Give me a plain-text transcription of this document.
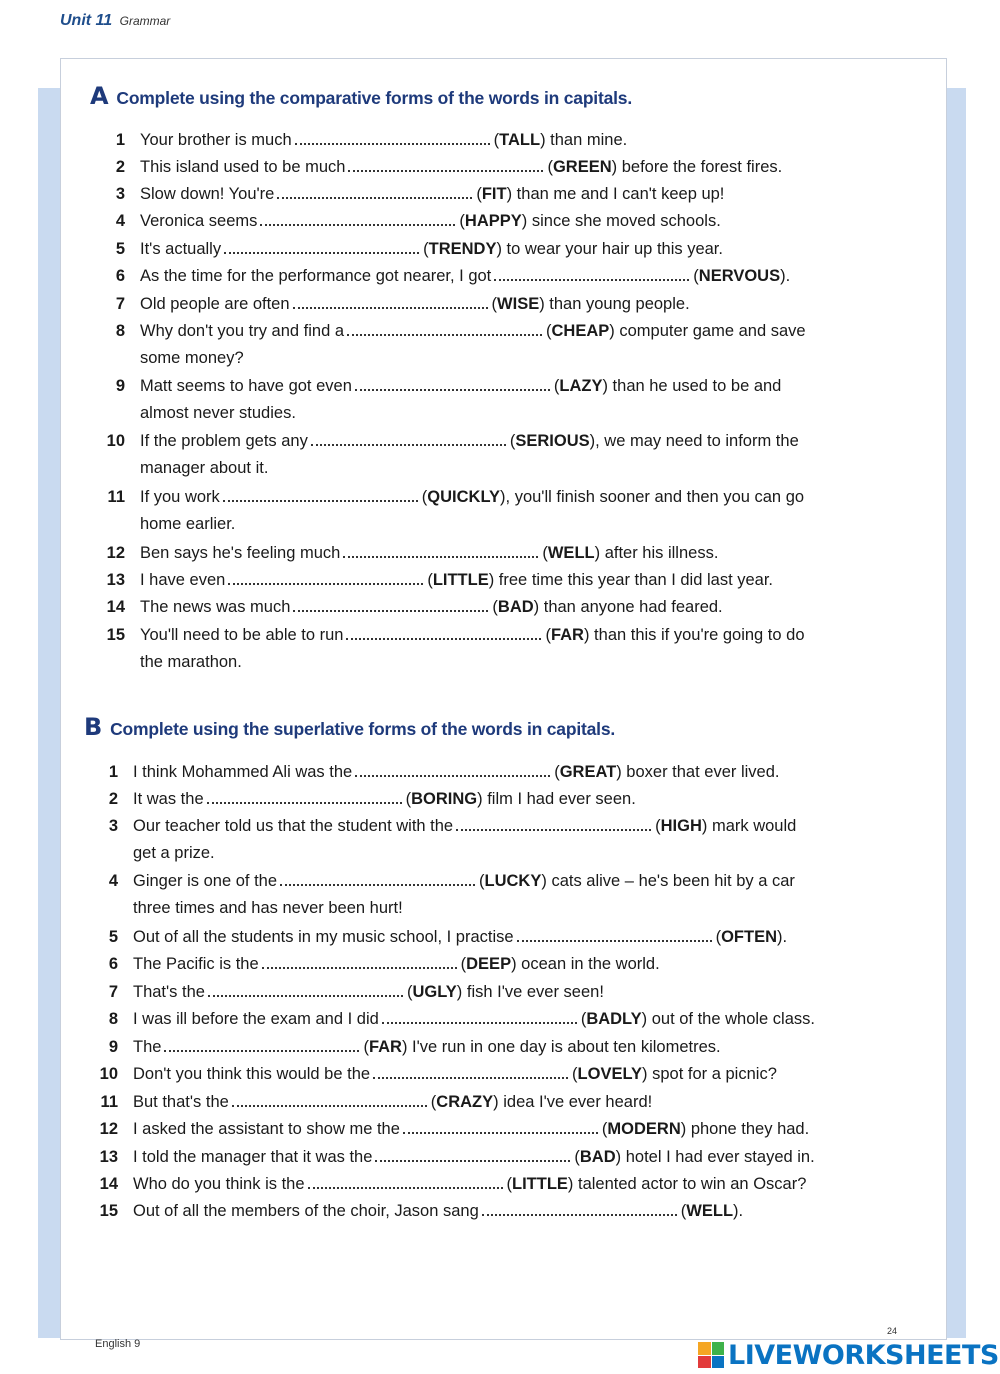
Unit 11 Grammar
A Complete using the comparative forms of the words in capitals.
1 Your brother is much	(TALL) than mine.
2 This island used to be much	(GREEN) before the forest fires.
3 Slow down! You're	(FIT) than me and I can't keep up!
4 Veronica seems	(HAPPY) since she moved schools.
5 It's actually	(TRENDY) to wear your hair up this year.
6 As the time for the performance got nearer, I got	(NERVOUS).
7 Old people are often	(WISE) than young people.
8 Why don't you try and find a	(CHEAP) computer game and save
some money?
9 Matt seems to have got even	(LAZY) than he used to be and
almost never studies.
10 If the problem gets any	(SERIOUS), we may need to inform the
manager about it.
11 If you work	(QUICKLY), you'll finish sooner and then you can go
home earlier.
12 Ben says he's feeling much	(WELL) after his illness.
13 I have even	(LITTLE) free time this year than I did last year.
14 The news was much	(BAD) than anyone had feared.
15 You'll need to be able to run	(FAR) than this if you're going to do
the marathon.
B Complete using the superlative forms of the words in capitals.
1 I think Mohammed Ali was the	(GREAT) boxer that ever lived.
2 It was the	(BORING) film I had ever seen.
3 Our teacher told us that the student with the	(HIGH) mark would
get a prize.
4 Ginger is one of the	(LUCKY) cats alive – he's been hit by a car
three times and has never been hurt!
5 Out of all the students in my music school, I practise	(OFTEN).
6 The Pacific is the	(DEEP) ocean in the world.
7 That's the	(UGLY) fish I've ever seen!
8 I was ill before the exam and I did	(BADLY) out of the whole class.
9 The	(FAR) I've run in one day is about ten kilometres.
10 Don't you think this would be the	(LOVELY) spot for a picnic?
11 But that's the	(CRAZY) idea I've ever heard!
12 I asked the assistant to show me the	(MODERN) phone they had.
13 I told the manager that it was the	(BAD) hotel I had ever stayed in.
14 Who do you think is the	(LITTLE) talented actor to win an Oscar?
15 Out of all the members of the choir, Jason sang	(WELL).
English 9
24
LIVEWORKSHEETS
